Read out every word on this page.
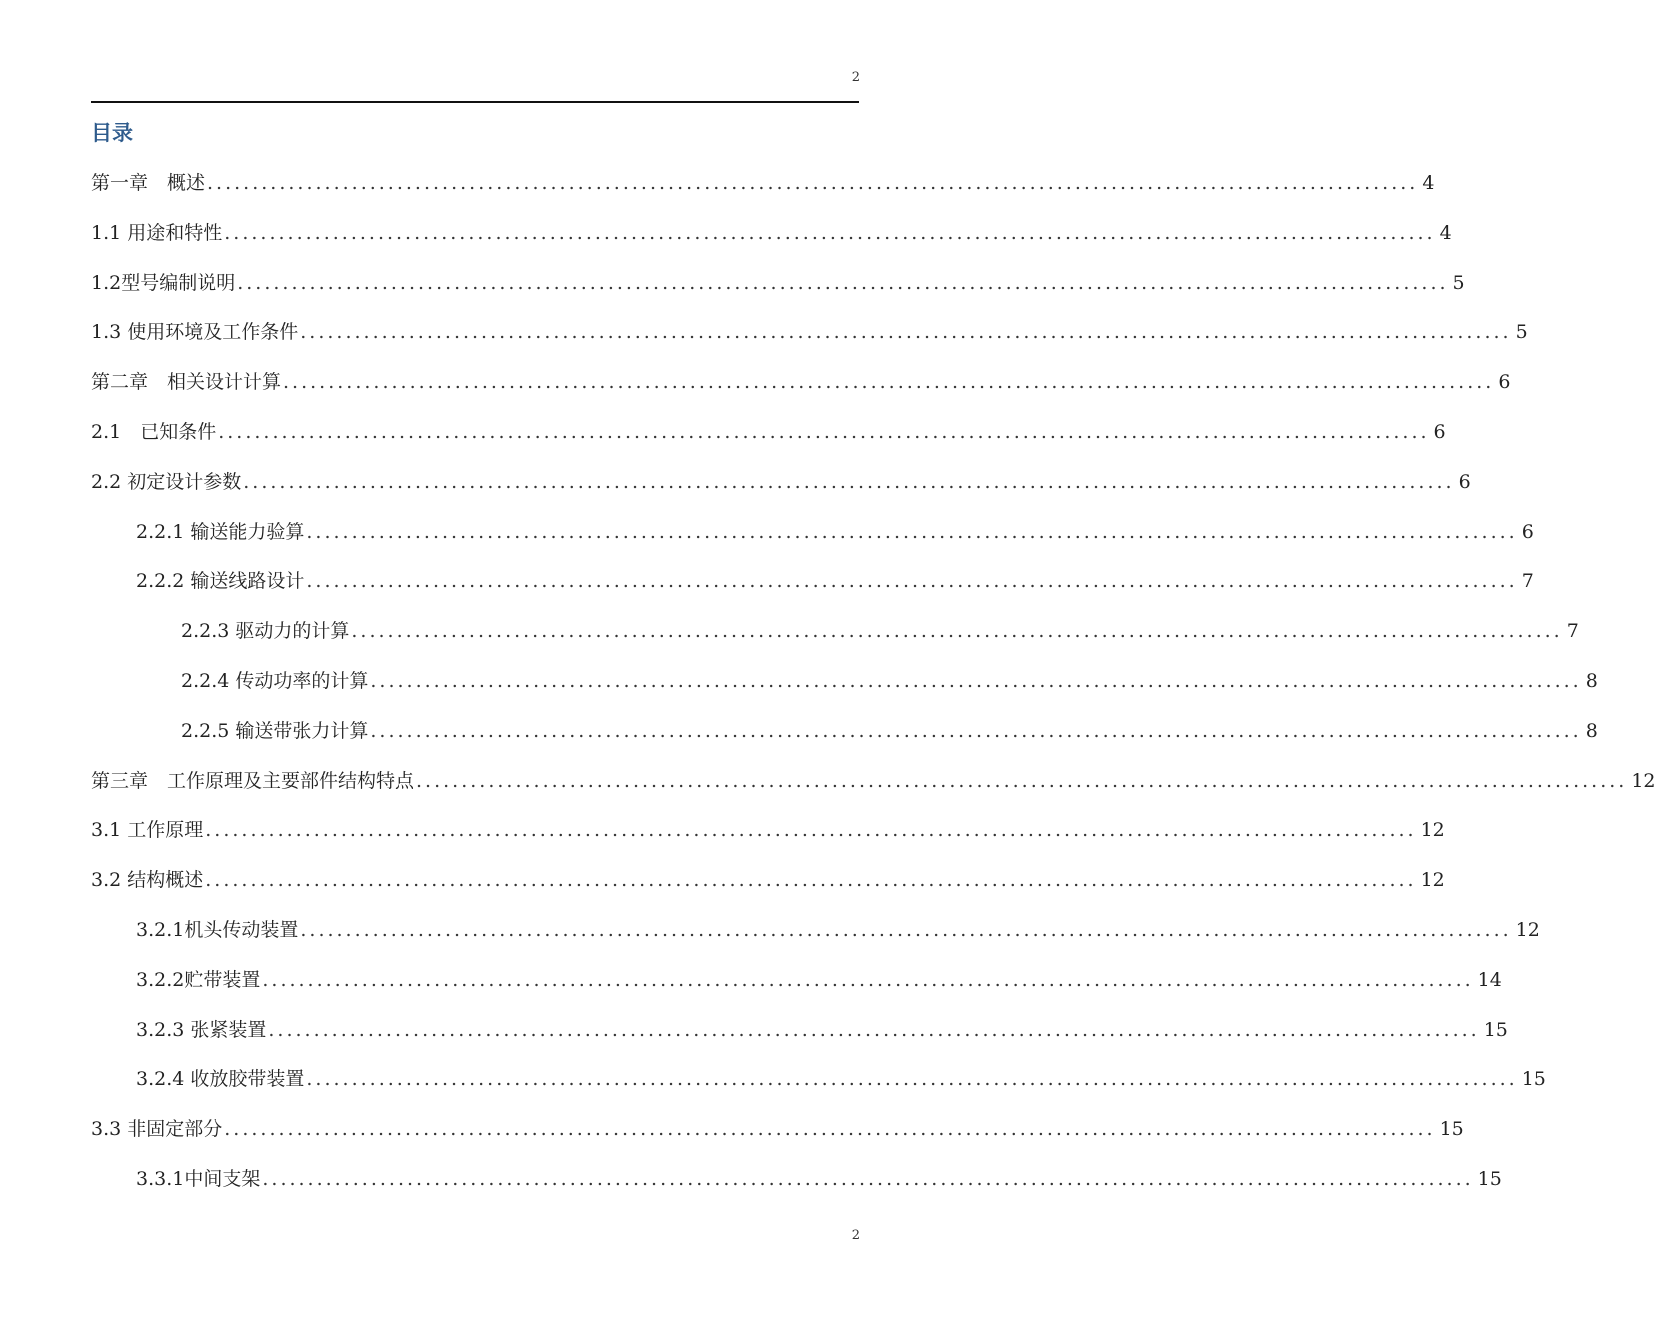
2
目录
第一章　概述 ...................................................................................................................................... 4
1.1 用途和特性 ...................................................................................................................................... 4
1.2型号编制说明 ...................................................................................................................................... 5
1.3 使用环境及工作条件 ...................................................................................................................................... 5
第二章　相关设计计算 ...................................................................................................................................... 6
2.1　已知条件 ...................................................................................................................................... 6
2.2 初定设计参数 ...................................................................................................................................... 6
2.2.1 输送能力验算 ...................................................................................................................................... 6
2.2.2 输送线路设计 ...................................................................................................................................... 7
2.2.3 驱动力的计算 ...................................................................................................................................... 7
2.2.4 传动功率的计算 ...................................................................................................................................... 8
2.2.5 输送带张力计算 ...................................................................................................................................... 8
第三章　工作原理及主要部件结构特点 ...................................................................................................................................... 12
3.1 工作原理 ...................................................................................................................................... 12
3.2 结构概述 ...................................................................................................................................... 12
3.2.1机头传动装置 ...................................................................................................................................... 12
3.2.2贮带装置 ...................................................................................................................................... 14
3.2.3 张紧装置 ...................................................................................................................................... 15
3.2.4 收放胶带装置 ...................................................................................................................................... 15
3.3 非固定部分 ...................................................................................................................................... 15
3.3.1中间支架 ...................................................................................................................................... 15
2
